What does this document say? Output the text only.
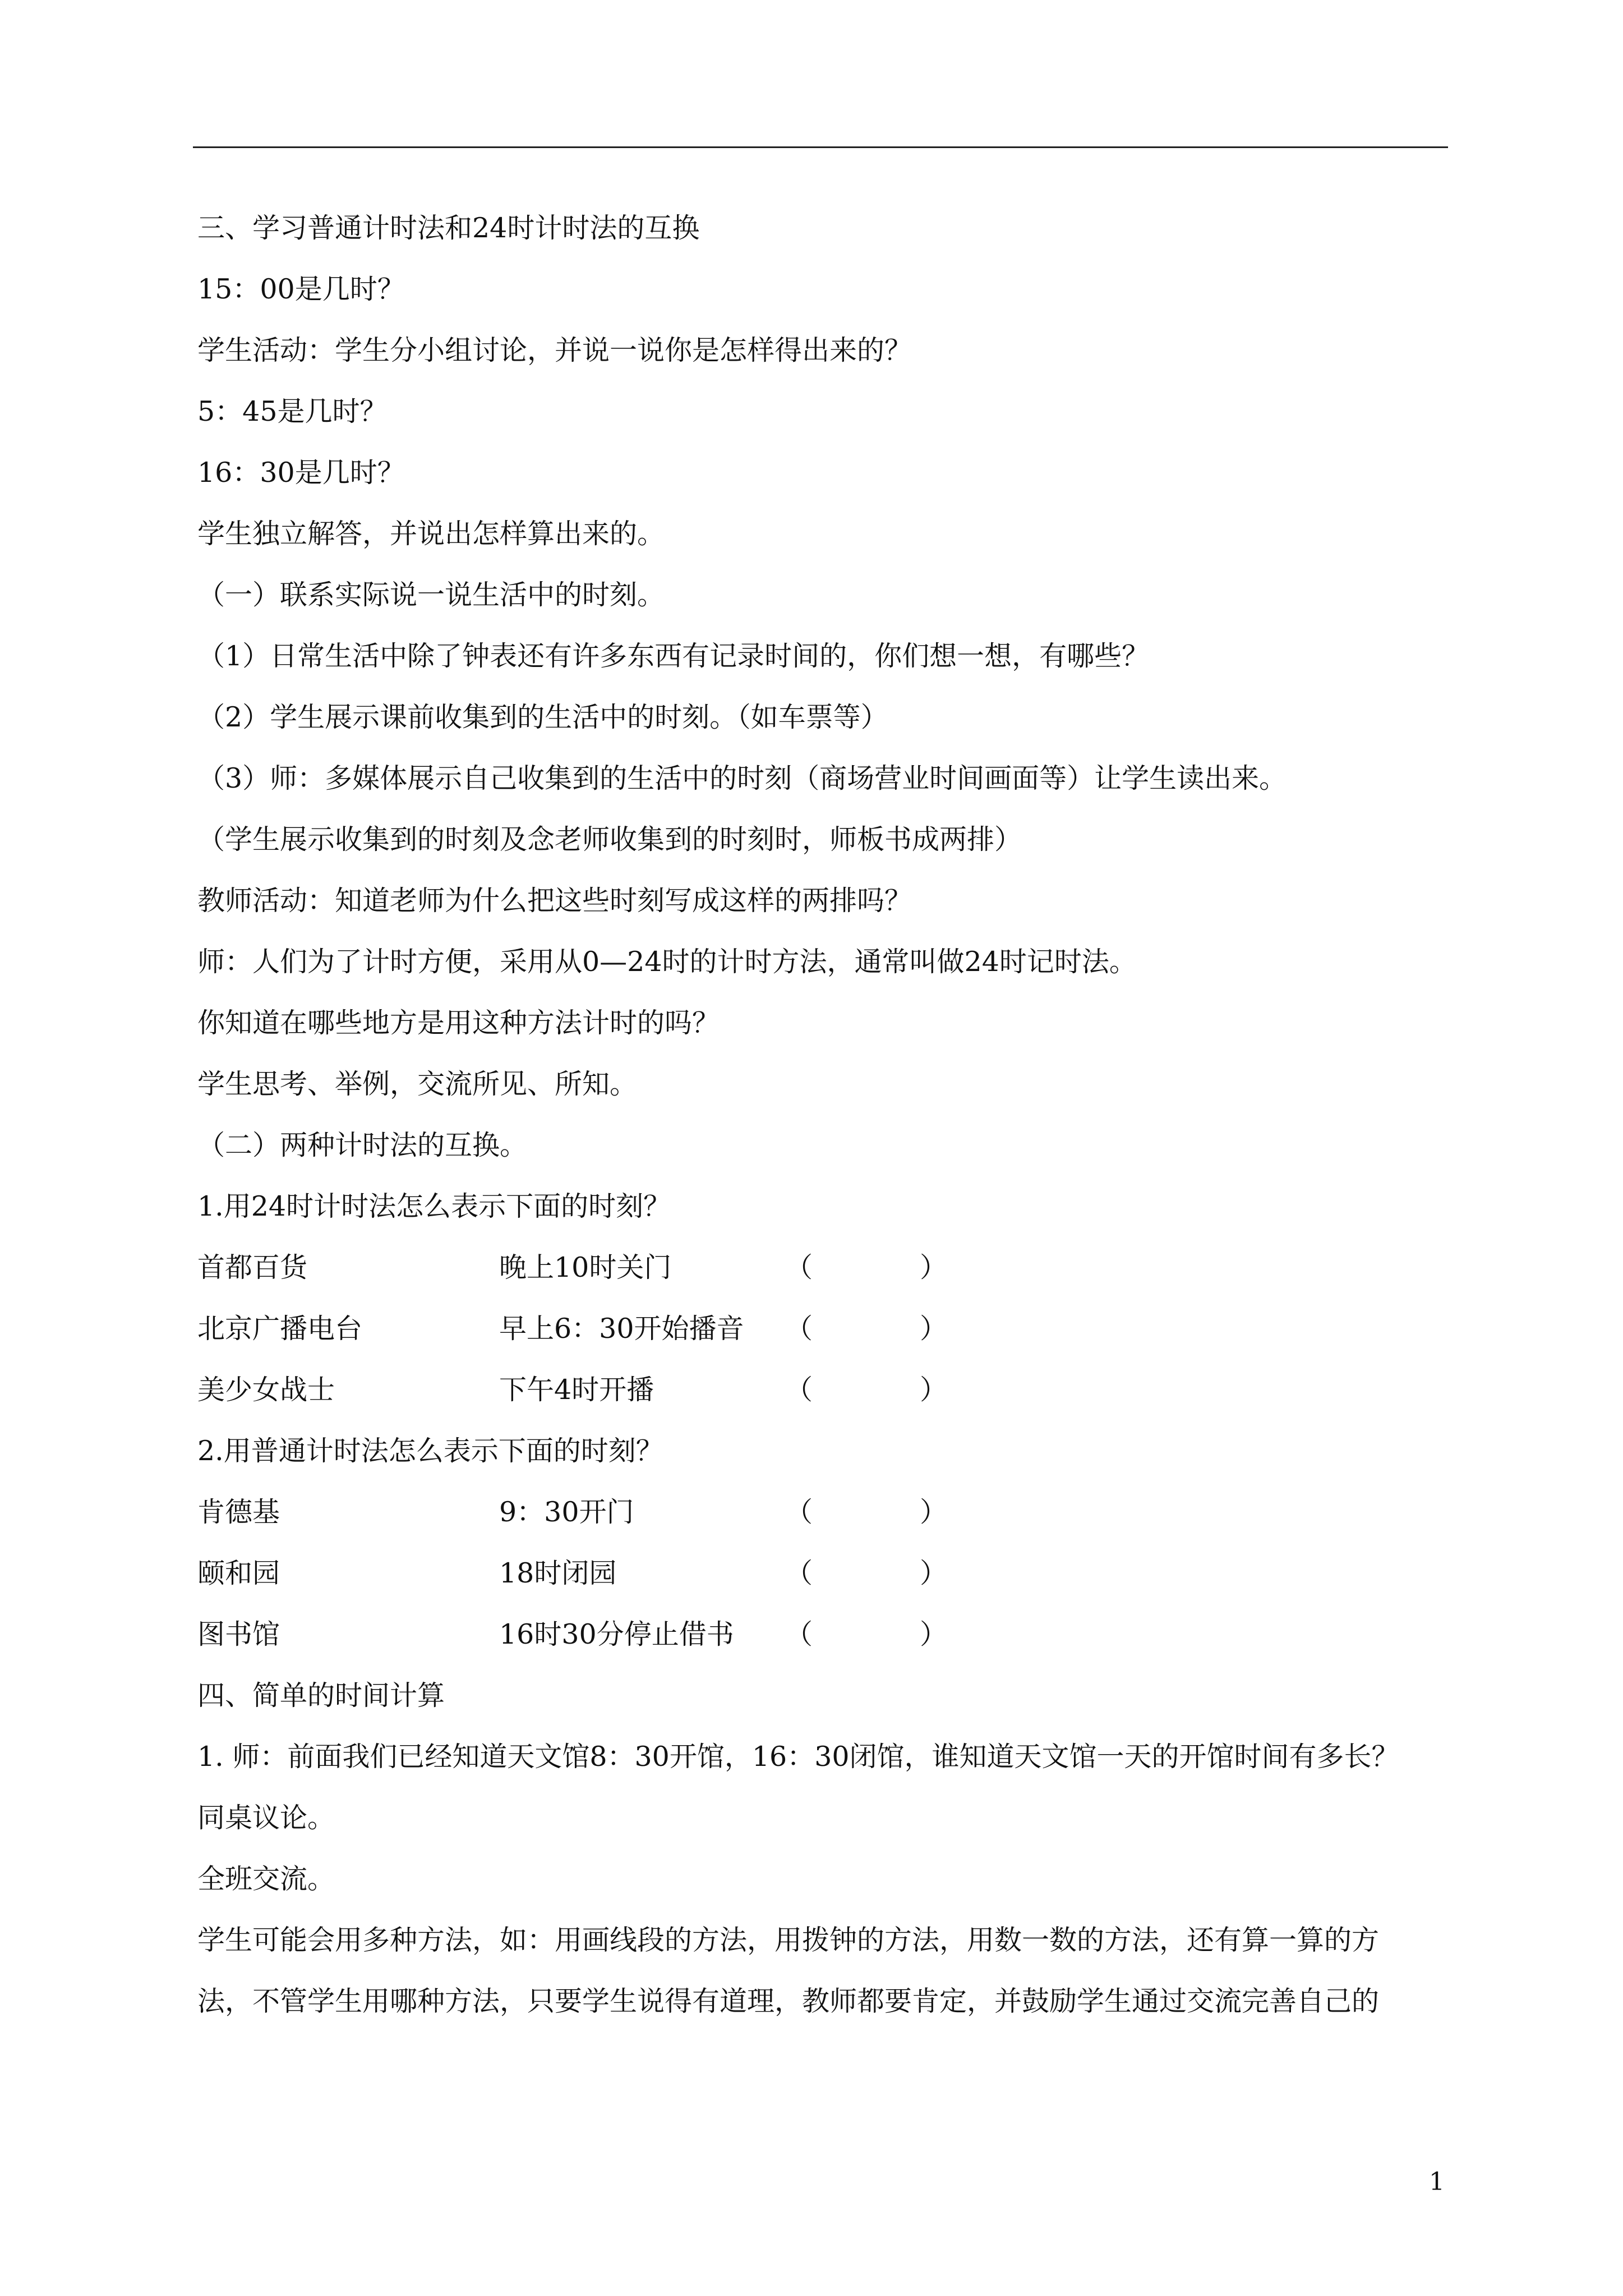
三、学习普通计时法和24时计时法的互换
15：00是几时？
学生活动：学生分小组讨论，并说一说你是怎样得出来的？
5：45是几时？
16：30是几时？
学生独立解答，并说出怎样算出来的。
（一）联系实际说一说生活中的时刻。
（1）日常生活中除了钟表还有许多东西有记录时间的，你们想一想，有哪些？
（2）学生展示课前收集到的生活中的时刻。（如车票等）
（3）师：多媒体展示自己收集到的生活中的时刻（商场营业时间画面等）让学生读出来。
（学生展示收集到的时刻及念老师收集到的时刻时，师板书成两排）
教师活动：知道老师为什么把这些时刻写成这样的两排吗？
师：人们为了计时方便，采用从0—24时的计时方法，通常叫做24时记时法。
你知道在哪些地方是用这种方法计时的吗？
学生思考、举例，交流所见、所知。
（二）两种计时法的互换。
1.用24时计时法怎么表示下面的时刻？
首都百货	晚上10时关门	（	）
北京广播电台	早上6：30开始播音 （	）
美少女战士	下午4时开播	（	）
2.用普通计时法怎么表示下面的时刻？
肯德基	9：30开门	（	）
颐和园	18时闭园	（	）
图书馆	16时30分停止借书 （	）
四、简单的时间计算
1. 师：前面我们已经知道天文馆8：30开馆，16：30闭馆，谁知道天文馆一天的开馆时间有多长？
同桌议论。
全班交流。
学生可能会用多种方法，如：用画线段的方法，用拨钟的方法，用数一数的方法，还有算一算的方
法，不管学生用哪种方法，只要学生说得有道理，教师都要肯定，并鼓励学生通过交流完善自己的
1
